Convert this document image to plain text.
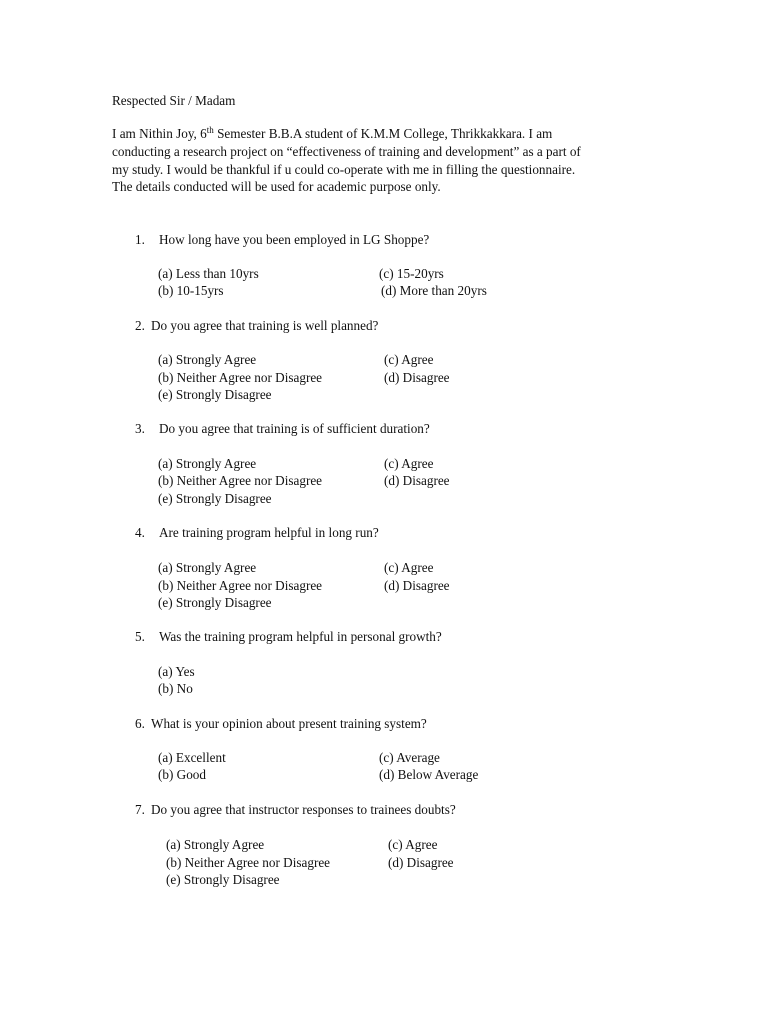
Respected Sir / Madam
I am Nithin Joy, 6th Semester B.B.A student of K.M.M College, Thrikkakkara. I am
conducting a research project on “effectiveness of training and development” as a part of
my study. I would be thankful if u could co-operate with me in filling the questionnaire.
The details conducted will be used for academic purpose only.
1. How long have you been employed in LG Shoppe?
(a) Less than 10yrs	(c) 15-20yrs
(b) 10-15yrs	(d) More than 20yrs
2. Do you agree that training is well planned?
(a) Strongly Agree	(c) Agree
(b) Neither Agree nor Disagree	(d) Disagree
(e) Strongly Disagree
3. Do you agree that training is of sufficient duration?
(a) Strongly Agree	(c) Agree
(b) Neither Agree nor Disagree	(d) Disagree
(e) Strongly Disagree
4. Are training program helpful in long run?
(a) Strongly Agree	(c) Agree
(b) Neither Agree nor Disagree	(d) Disagree
(e) Strongly Disagree
5. Was the training program helpful in personal growth?
(a) Yes
(b) No
6. What is your opinion about present training system?
(a) Excellent	(c) Average
(b) Good	(d) Below Average
7. Do you agree that instructor responses to trainees doubts?
(a) Strongly Agree	(c) Agree
(b) Neither Agree nor Disagree	(d) Disagree
(e) Strongly Disagree
